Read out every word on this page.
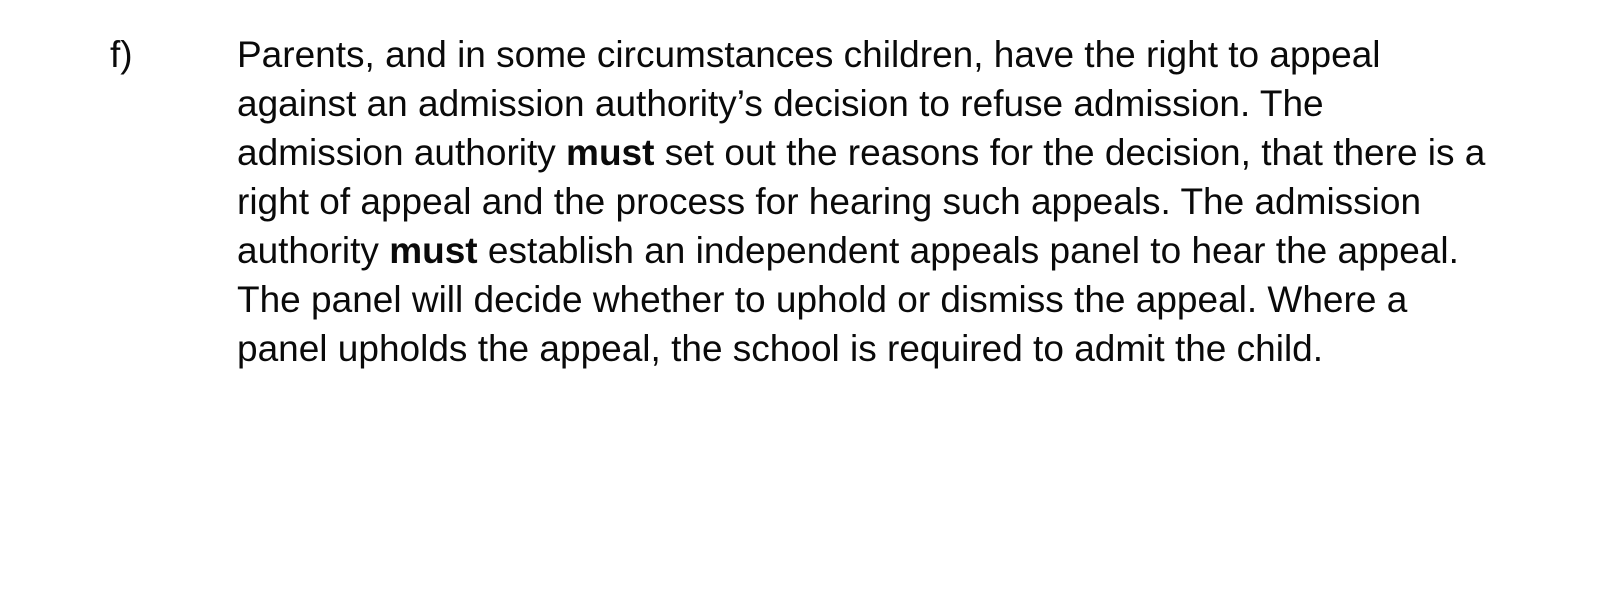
f)	Parents, and in some circumstances children, have the right to appeal against an admission authority’s decision to refuse admission. The admission authority must set out the reasons for the decision, that there is a right of appeal and the process for hearing such appeals. The admission authority must establish an independent appeals panel to hear the appeal. The panel will decide whether to uphold or dismiss the appeal. Where a panel upholds the appeal, the school is required to admit the child.
